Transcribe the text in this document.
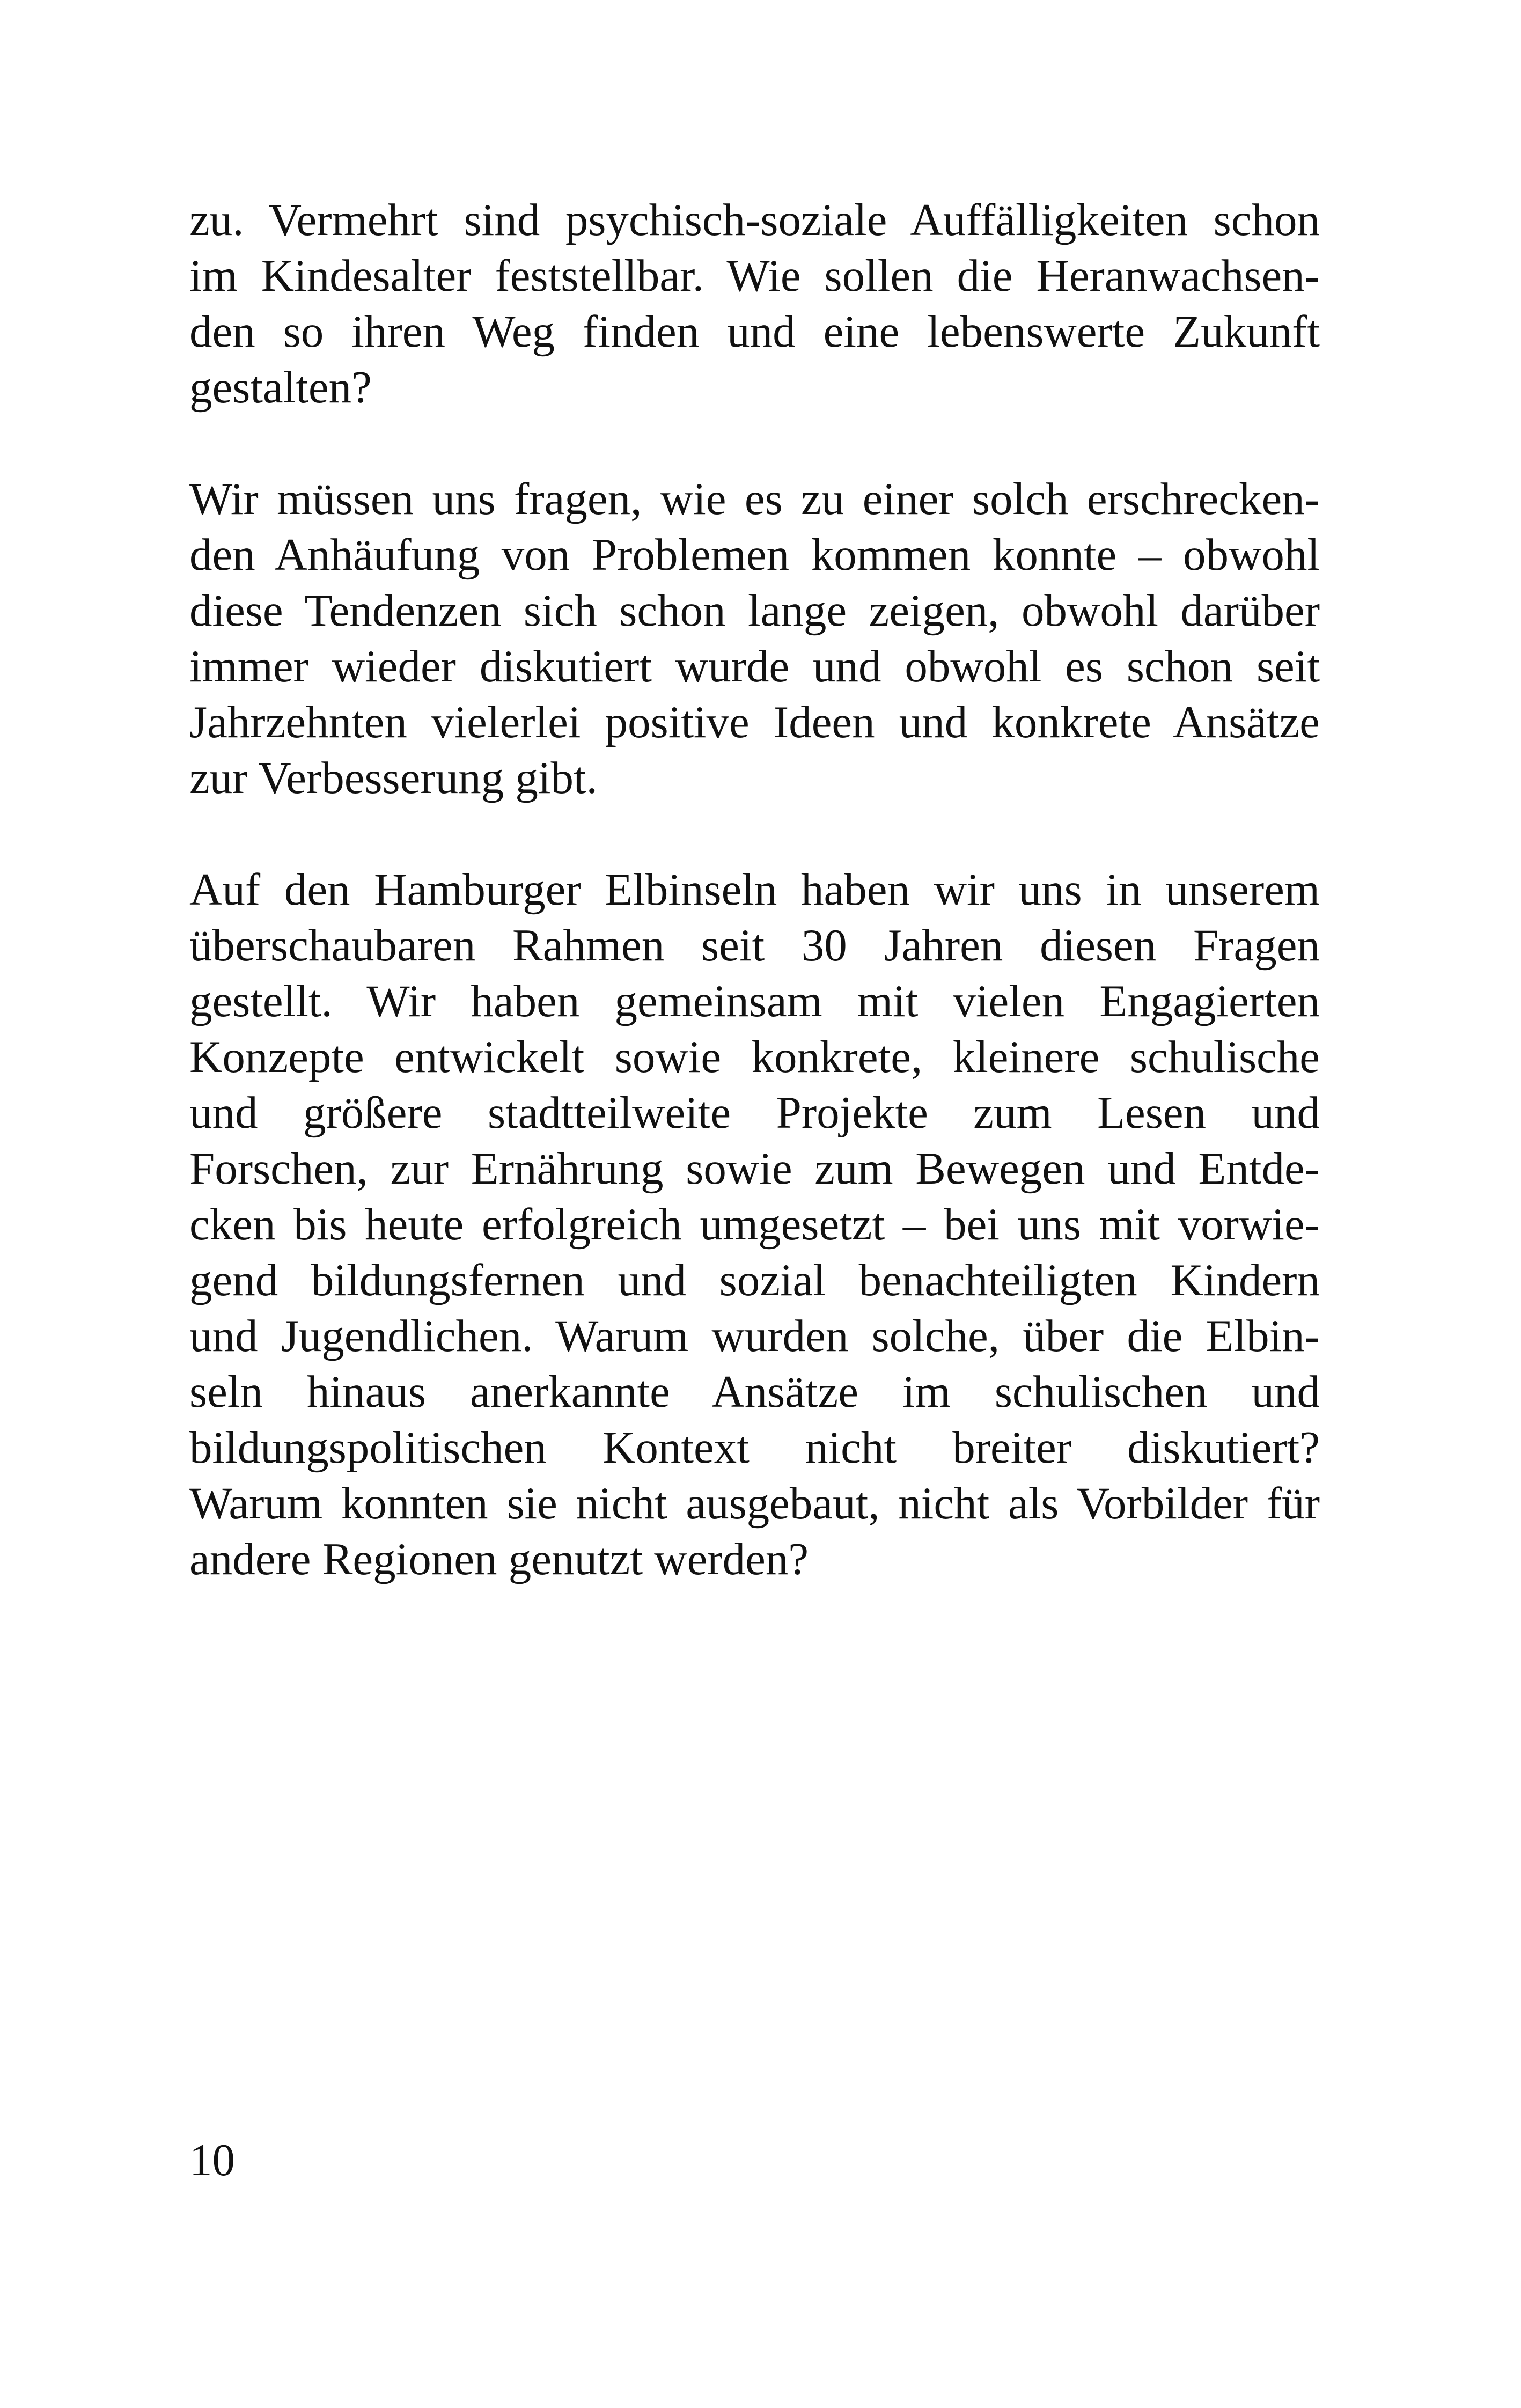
zu. Vermehrt sind psychisch-soziale Auffälligkeiten schon
im Kindesalter feststellbar. Wie sollen die Heranwachsen-
den so ihren Weg finden und eine lebenswerte Zukunft
gestalten?
Wir müssen uns fragen, wie es zu einer solch erschrecken-
den Anhäufung von Problemen kommen konnte – obwohl
diese Tendenzen sich schon lange zeigen, obwohl darüber
immer wieder diskutiert wurde und obwohl es schon seit
Jahrzehnten vielerlei positive Ideen und konkrete Ansätze
zur Verbesserung gibt.
Auf den Hamburger Elbinseln haben wir uns in unserem
überschaubaren Rahmen seit 30 Jahren diesen Fragen
gestellt. Wir haben gemeinsam mit vielen Engagierten
Konzepte entwickelt sowie konkrete, kleinere schulische
und größere stadtteilweite Projekte zum Lesen und
Forschen, zur Ernährung sowie zum Bewegen und Entde-
cken bis heute erfolgreich umgesetzt – bei uns mit vorwie-
gend bildungsfernen und sozial benachteiligten Kindern
und Jugendlichen. Warum wurden solche, über die Elbin-
seln hinaus anerkannte Ansätze im schulischen und
bildungspolitischen Kontext nicht breiter diskutiert?
Warum konnten sie nicht ausgebaut, nicht als Vorbilder für
andere Regionen genutzt werden?
10
